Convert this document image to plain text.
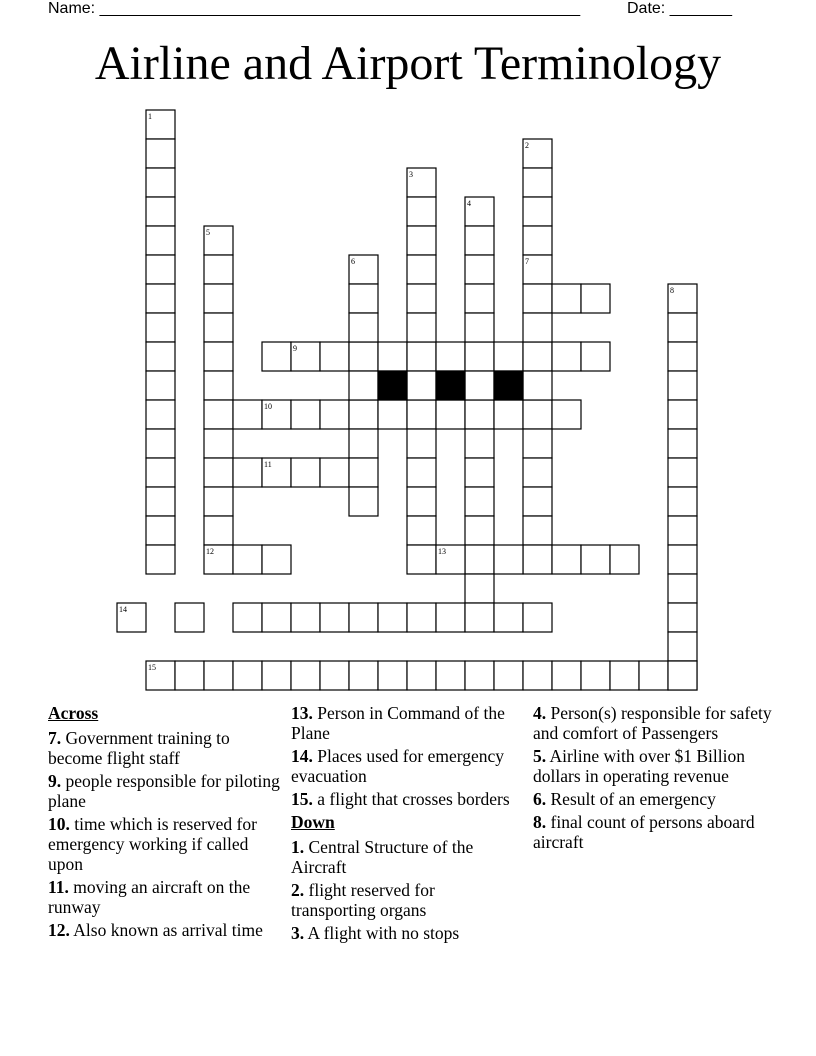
Name: ______________________________________________________	Date: _______
Airline and Airport Terminology
1
2
3
4
5
6	7
8
9
10
11
12	13
14
15
Across
7. Government training to become flight staff
9. people responsible for piloting plane
10. time which is reserved for emergency working if called upon
11. moving an aircraft on the runway
12. Also known as arrival time
13. Person in Command of the Plane
14. Places used for emergency evacuation
15. a flight that crosses borders
Down
1. Central Structure of the Aircraft
2. flight reserved for transporting organs
3. A flight with no stops
4. Person(s) responsible for safety and comfort of Passengers
5. Airline with over $1 Billion dollars in operating revenue
6. Result of an emergency
8. final count of persons aboard aircraft
